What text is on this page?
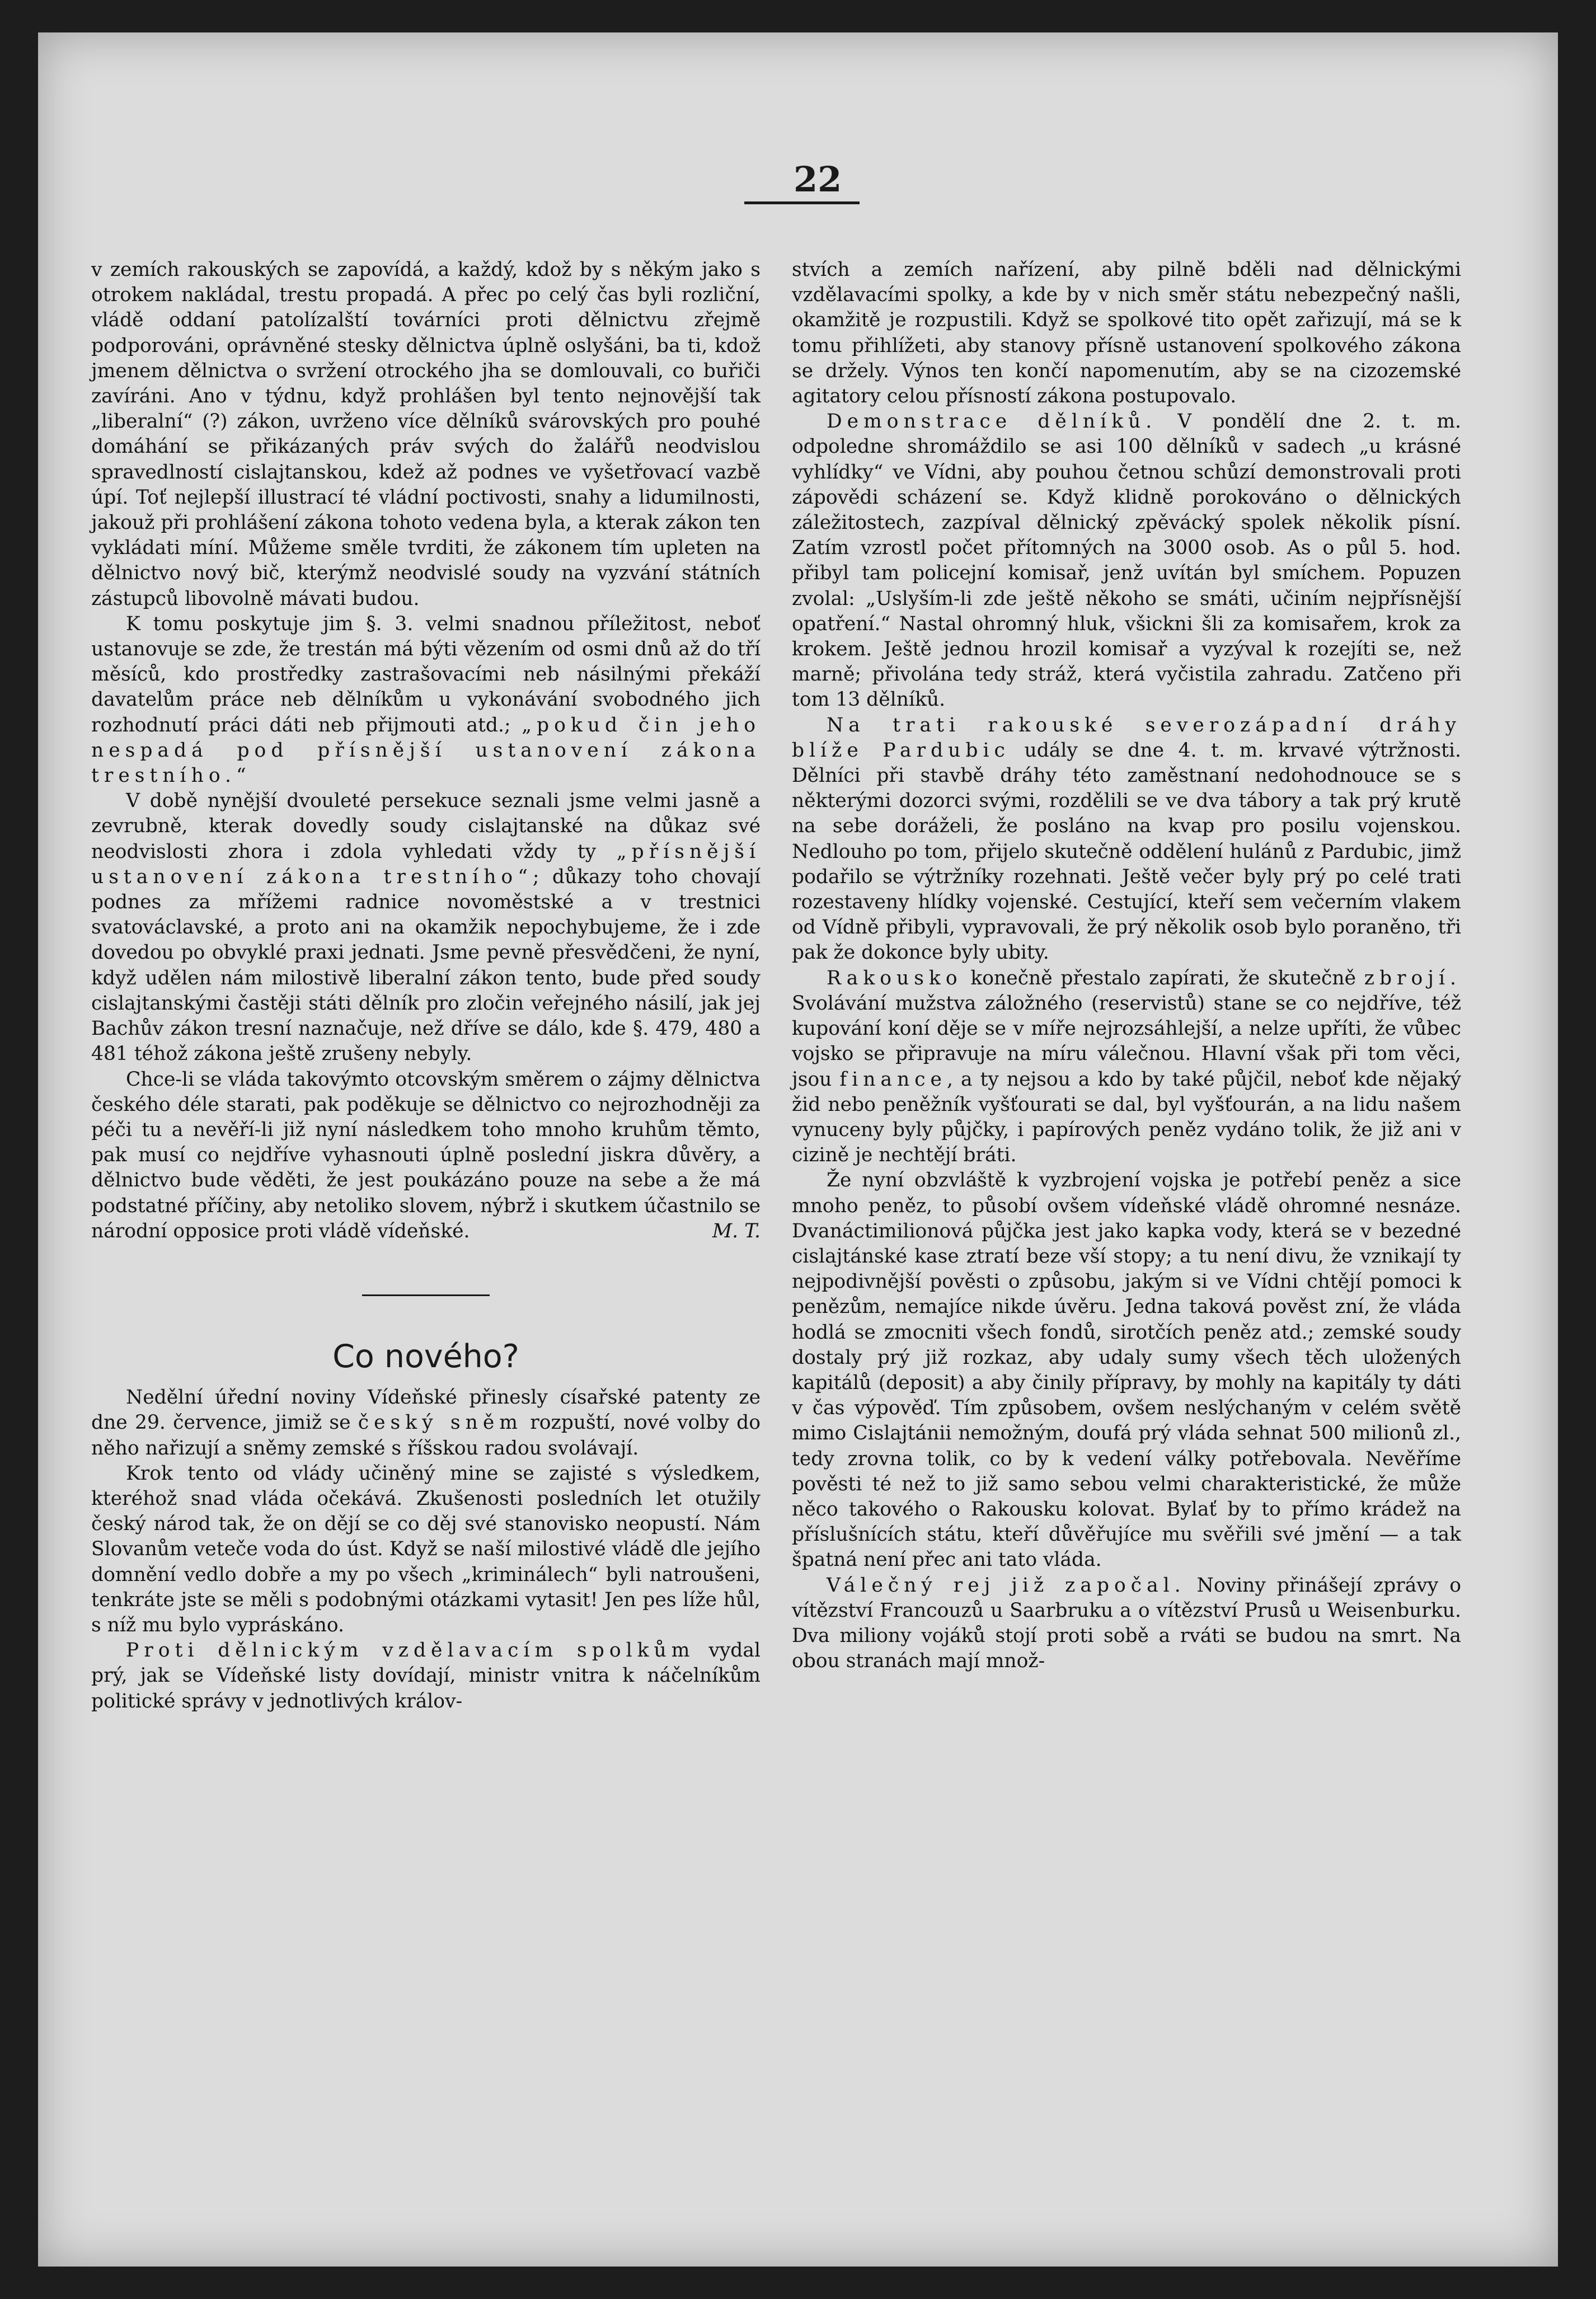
22

v zemích rakouských se zapovídá, a každý, kdož by s někým jako s otrokem nakládal, trestu propadá. A přec po celý čas byli rozliční, vládě oddaní patolízalští továrníci proti dělnictvu zřejmě podporováni, oprávněné stesky dělnictva úplně oslyšáni, ba ti, kdož jmenem dělnictva o svržení otrockého jha se domlouvali, co buřiči zavíráni. Ano v týdnu, když prohlášen byl tento nejnovější tak „liberalní“ (?) zákon, uvrženo více dělníků svárovských pro pouhé domáhání se přikázaných práv svých do žalářů neodvislou spravedlností cislajtanskou, kdež až podnes ve vyšetřovací vazbě úpí. Toť nejlepší illustrací té vládní poctivosti, snahy a lidumilnosti, jakouž při prohlášení zákona tohoto vedena byla, a kterak zákon ten vykládati míní. Můžeme směle tvrditi, že zákonem tím upleten na dělnictvo nový bič, kterýmž neodvislé soudy na vyzvání státních zástupců libovolně mávati budou.

K tomu poskytuje jim §. 3. velmi snadnou příležitost, neboť ustanovuje se zde, že trestán má býti vězením od osmi dnů až do tří měsíců, kdo prostředky zastrašovacími neb násilnými překáží davatelům práce neb dělníkům u vykonávání svobodného jich rozhodnutí práci dáti neb přijmouti atd.; „pokud čin jeho nespadá pod přísnější ustanovení zákona trestního.“

V době nynější dvouleté persekuce seznali jsme velmi jasně a zevrubně, kterak dovedly soudy cislajtanské na důkaz své neodvislosti zhora i zdola vyhledati vždy ty „přísnější ustanovení zákona trestního“; důkazy toho chovají podnes za mřížemi radnice novoměstské a v trestnici svatováclavské, a proto ani na okamžik nepochybujeme, že i zde dovedou po obvyklé praxi jednati. Jsme pevně přesvědčeni, že nyní, když udělen nám milostivě liberalní zákon tento, bude před soudy cislajtanskými častěji státi dělník pro zločin veřejného násilí, jak jej Bachův zákon tresní naznačuje, než dříve se dálo, kde §. 479, 480 a 481 téhož zákona ještě zrušeny nebyly.

Chce-li se vláda takovýmto otcovským směrem o zájmy dělnictva českého déle starati, pak poděkuje se dělnictvo co nejrozhodněji za péči tu a nevěří-li již nyní následkem toho mnoho kruhům těmto, pak musí co nejdříve vyhasnouti úplně poslední jiskra důvěry, a dělnictvo bude věděti, že jest poukázáno pouze na sebe a že má podstatné příčiny, aby netoliko slovem, nýbrž i skutkem účastnilo se národní opposice proti vládě vídeňské.	M. T.

Co nového?

Nedělní úřední noviny Vídeňské přinesly císařské patenty ze dne 29. července, jimiž se český sněm rozpuští, nové volby do něho nařizují a sněmy zemské s říšskou radou svolávají.

Krok tento od vlády učiněný mine se zajisté s výsledkem, kteréhož snad vláda očekává. Zkušenosti posledních let otužily český národ tak, že on dějí se co děj své stanovisko neopustí. Nám Slovanům veteče voda do úst. Když se naší milostivé vládě dle jejího domnění vedlo dobře a my po všech „kriminálech“ byli natroušeni, tenkráte jste se měli s podobnými otázkami vytasit! Jen pes líže hůl, s níž mu bylo vypráskáno.

Proti dělnickým vzdělavacím spolkům vydal prý, jak se Vídeňské listy dovídají, ministr vnitra k náčelníkům politické správy v jednotlivých králov-

stvích a zemích nařízení, aby pilně bděli nad dělnickými vzdělavacími spolky, a kde by v nich směr státu nebezpečný našli, okamžitě je rozpustili. Když se spolkové tito opět zařizují, má se k tomu přihlížeti, aby stanovy přísně ustanovení spolkového zákona se držely. Výnos ten končí napomenutím, aby se na cizozemské agitatory celou přísností zákona postupovalo.

Demonstrace dělníků. V pondělí dne 2. t. m. odpoledne shromáždilo se asi 100 dělníků v sadech „u krásné vyhlídky“ ve Vídni, aby pouhou četnou schůzí demonstrovali proti zápovědi scházení se. Když klidně porokováno o dělnických záležitostech, zazpíval dělnický zpěvácký spolek několik písní. Zatím vzrostl počet přítomných na 3000 osob. As o půl 5. hod. přibyl tam policejní komisař, jenž uvítán byl smíchem. Popuzen zvolal: „Uslyším-li zde ještě někoho se smáti, učiním nejpřísnější opatření.“ Nastal ohromný hluk, všickni šli za komisařem, krok za krokem. Ještě jednou hrozil komisař a vyzýval k rozejíti se, než marně; přivolána tedy stráž, která vyčistila zahradu. Zatčeno při tom 13 dělníků.

Na trati rakouské severozápadní dráhy blíže Pardubic udály se dne 4. t. m. krvavé výtržnosti. Dělníci při stavbě dráhy této zaměstnaní nedohodnouce se s některými dozorci svými, rozdělili se ve dva tábory a tak prý krutě na sebe doráželi, že poslánо na kvap pro posilu vojenskou. Nedlouho po tom, přijelo skutečně oddělení hulánů z Pardubic, jimž podařilo se výtržníky rozehnati. Ještě večer byly prý po celé trati rozestaveny hlídky vojenské. Cestující, kteří sem večerním vlakem od Vídně přibyli, vypravovali, že prý několik osob bylo poraněno, tři pak že dokonce byly ubity.

Rakousko konečně přestalo zapírati, že skutečně zbrojí. Svolávání mužstva záložného (reservistů) stane se co nejdříve, též kupování koní děje se v míře nejrozsáhlejší, a nelze upříti, že vůbec vojsko se připravuje na míru válečnou. Hlavní však při tom věci, jsou finance, a ty nejsou a kdo by také půjčil, neboť kde nějaký žid nebo peněžník vyšťourati se dal, byl vyšťourán, a na lidu našem vynuceny byly půjčky, i papírových peněz vydáno tolik, že již ani v cizině je nechtějí bráti.

Že nyní obzvláště k vyzbrojení vojska je potřebí peněz a sice mnoho peněz, to působí ovšem vídeňské vládě ohromné nesnáze. Dvanáctimilionová půjčka jest jako kapka vody, která se v bezedné cislajtánské kase ztratí beze vší stopy; a tu není divu, že vznikají ty nejpodivnější pověsti o způsobu, jakým si ve Vídni chtějí pomoci k penězům, nemajíce nikde úvěru. Jedna taková pověst zní, že vláda hodlá se zmocniti všech fondů, sirotčích peněz atd.; zemské soudy dostaly prý již rozkaz, aby udaly sumy všech těch uložených kapitálů (deposit) a aby činily přípravy, by mohly na kapitály ty dáti v čas výpověď. Tím způsobem, ovšem neslýchaným v celém světě mimo Cislajtánii nemožným, doufá prý vláda sehnat 500 milionů zl., tedy zrovna tolik, co by k vedení války potřebovala. Nevěříme pověsti té než to již samo sebou velmi charakteristické, že může něco takového o Rakousku kolovat. Bylať by to přímo krádež na příslušnících státu, kteří důvěřujíce mu svěřili své jmění — a tak špatná není přec ani tato vláda.

Válečný rej již započal. Noviny přinášejí zprávy o vítězství Francouzů u Saarbruku a o vítězství Prusů u Weisenburku. Dva miliony vojáků stojí proti sobě a rváti se budou na smrt. Na obou stranách mají množ-
